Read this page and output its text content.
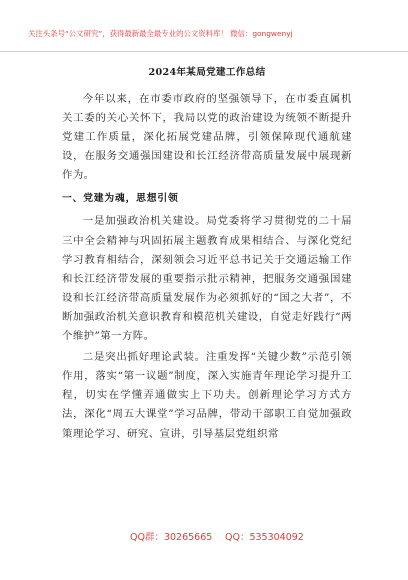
关注头条号“公文研究”，获得最新最全最专业的公文资料库！ 微信：gongwenyj
2024年某局党建工作总结

今年以来，在市委市政府的坚强领导下，在市委直属机关工委的关心关怀下，我局以党的政治建设为统领不断提升党建工作质量，深化拓展党建品牌，引领保障现代通航建设，在服务交通强国建设和长江经济带高质量发展中展现新作为。

一、党建为魂，思想引领

一是加强政治机关建设。局党委将学习贯彻党的二十届三中全会精神与巩固拓展主题教育成果相结合、与深化党纪学习教育相结合，深刻领会习近平总书记关于交通运输工作和长江经济带发展的重要指示批示精神，把服务交通强国建设和长江经济带高质量发展作为必须抓好的“国之大者”，不断加强政治机关意识教育和模范机关建设，自觉走好践行“两个维护”第一方阵。

二是突出抓好理论武装。注重发挥“关键少数”示范引领作用，落实“第一议题”制度，深入实施青年理论学习提升工程，切实在学懂弄通做实上下功夫。创新理论学习方式方法，深化“周五大课堂”学习品牌，带动干部职工自觉加强政策理论学习、研究、宣讲，引导基层党组织常

QQ群：30265665 QQ：535304092
